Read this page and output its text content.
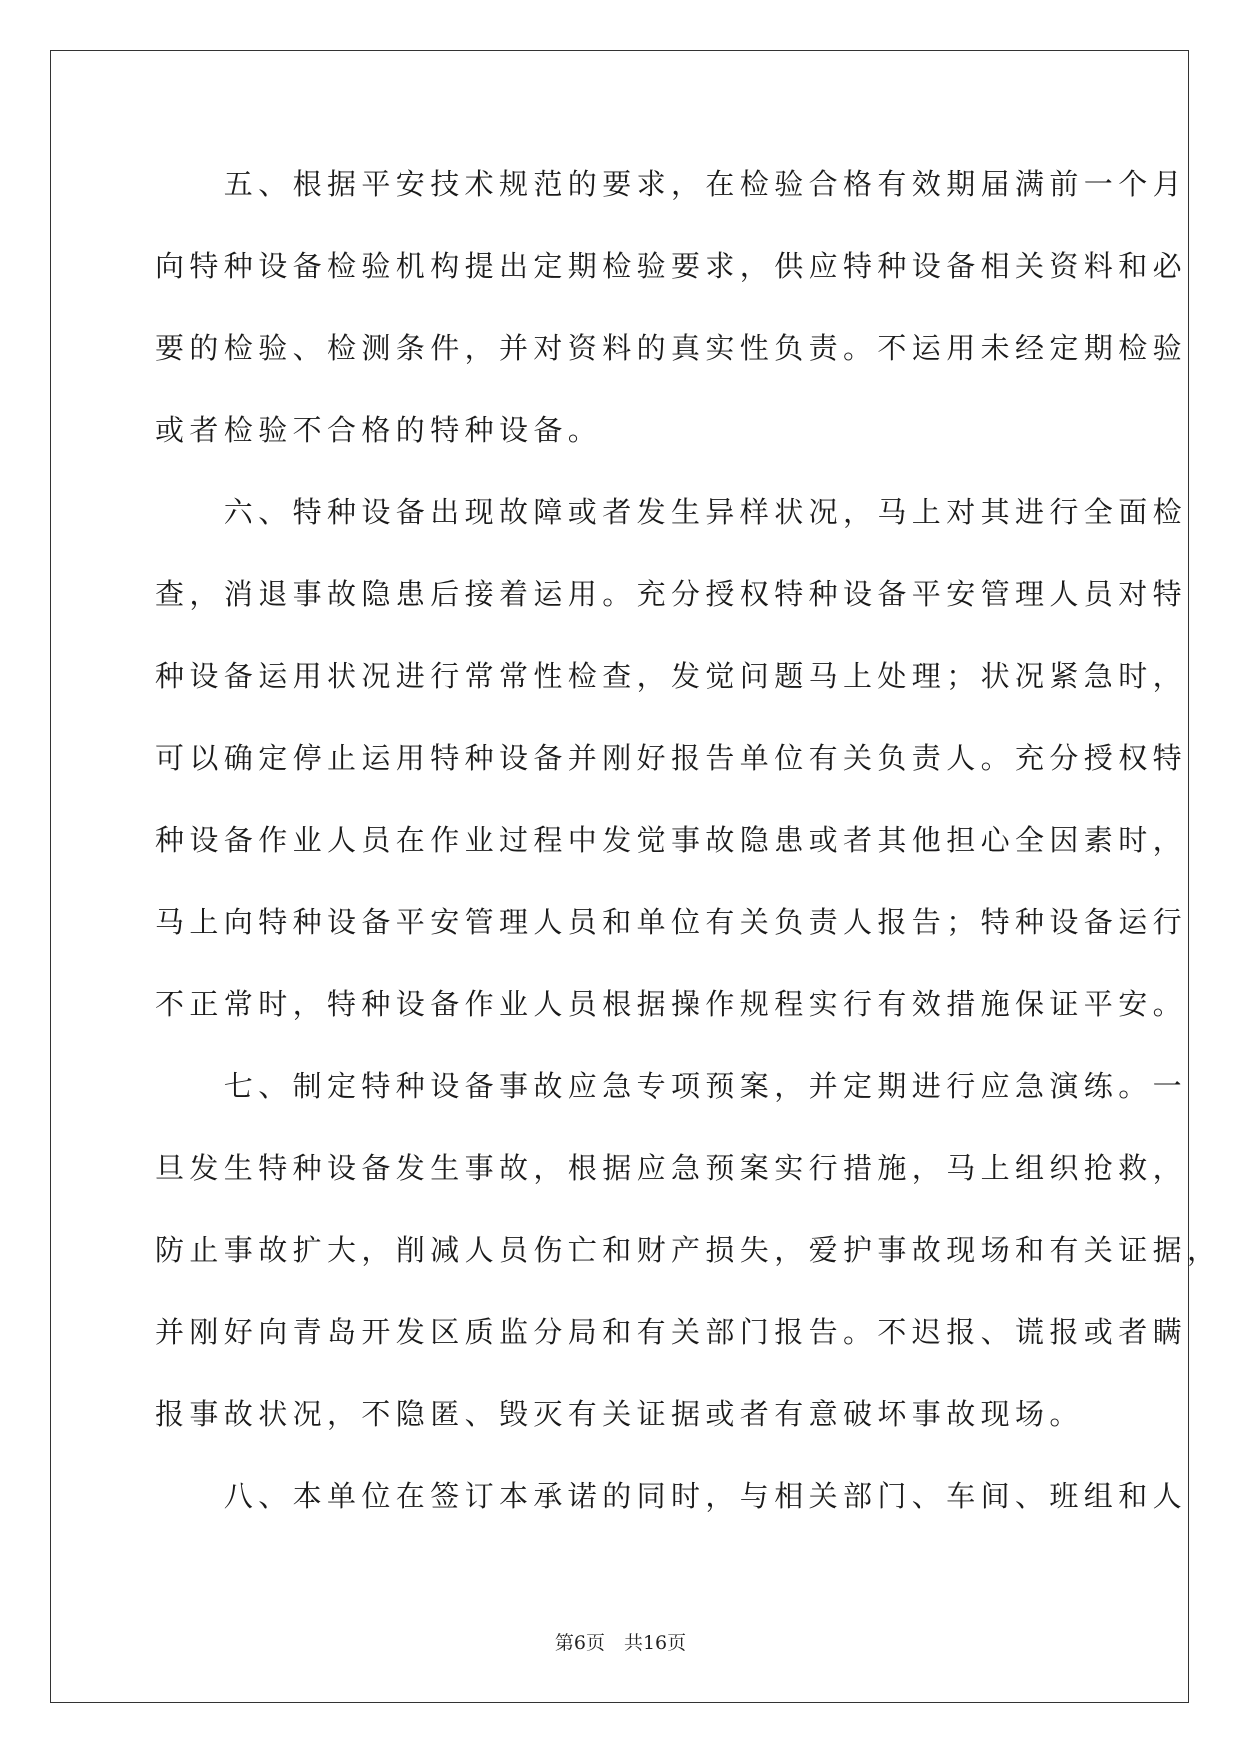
　　五、根据平安技术规范的要求，在检验合格有效期届满前一个月
向特种设备检验机构提出定期检验要求，供应特种设备相关资料和必
要的检验、检测条件，并对资料的真实性负责。不运用未经定期检验
或者检验不合格的特种设备。
　　六、特种设备出现故障或者发生异样状况，马上对其进行全面检
查，消退事故隐患后接着运用。充分授权特种设备平安管理人员对特
种设备运用状况进行常常性检查，发觉问题马上处理；状况紧急时，
可以确定停止运用特种设备并刚好报告单位有关负责人。充分授权特
种设备作业人员在作业过程中发觉事故隐患或者其他担心全因素时，
马上向特种设备平安管理人员和单位有关负责人报告；特种设备运行
不正常时，特种设备作业人员根据操作规程实行有效措施保证平安。
　　七、制定特种设备事故应急专项预案，并定期进行应急演练。一
旦发生特种设备发生事故，根据应急预案实行措施，马上组织抢救，
防止事故扩大，削减人员伤亡和财产损失，爱护事故现场和有关证据，
并刚好向青岛开发区质监分局和有关部门报告。不迟报、谎报或者瞒
报事故状况，不隐匿、毁灭有关证据或者有意破坏事故现场。
　　八、本单位在签订本承诺的同时，与相关部门、车间、班组和人
第6页　共16页
